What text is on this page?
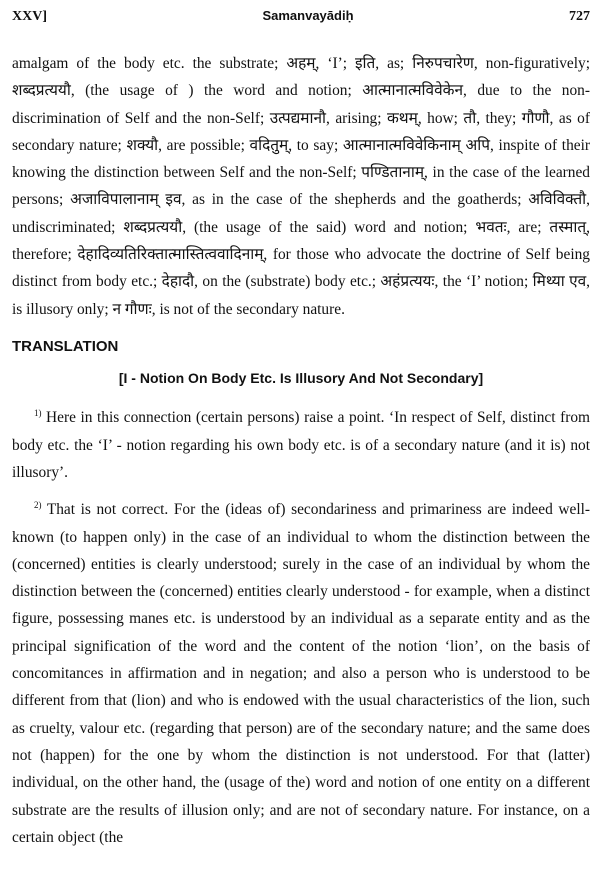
XXV]	Samanvayādiḥ	727

amalgam of the body etc. the substrate; अहम्, ‘I’; इति, as; निरुपचारेण, non-figuratively; शब्दप्रत्ययौ, (the usage of ) the word and notion; आत्मानात्मविवेकेन, due to the non-discrimination of Self and the non-Self; उत्पद्यमानौ, arising; कथम्, how; तौ, they; गौणौ, as of secondary nature; शक्यौ, are possible; वदितुम्, to say; आत्मानात्मविवेकिनाम् अपि, inspite of their knowing the distinction between Self and the non-Self; पण्डितानाम्, in the case of the learned persons; अजाविपालानाम् इव, as in the case of the shepherds and the goatherds; अविविक्तौ, undiscriminated; शब्दप्रत्ययौ, (the usage of the said) word and notion; भवतः, are; तस्मात्, therefore; देहादिव्यतिरिक्तात्मास्तित्ववादिनाम्, for those who advocate the doctrine of Self being distinct from body etc.; देहादौ, on the (substrate) body etc.; अहंप्रत्ययः, the ‘I’ notion; मिथ्या एव, is illusory only; न गौणः, is not of the secondary nature.

TRANSLATION
[I - Notion On Body Etc. Is Illusory And Not Secondary]

$^{1)}$ Here in this connection (certain persons) raise a point. ‘In respect of Self, distinct from body etc. the ‘I’ - notion regarding his own body etc. is of a secondary nature (and it is) not illusory’.

$^{2)}$ That is not correct. For the (ideas of) secondariness and primariness are indeed well-known (to happen only) in the case of an individual to whom the distinction between the (concerned) entities is clearly understood; surely in the case of an individual by whom the distinction between the (concerned) entities clearly understood - for example, when a distinct figure, possessing manes etc. is understood by an individual as a separate entity and as the principal signification of the word and the content of the notion ‘lion’, on the basis of concomitances in affirmation and in negation; and also a person who is understood to be different from that (lion) and who is endowed with the usual characteristics of the lion, such as cruelty, valour etc. (regarding that person) are of the secondary nature; and the same does not (happen) for the one by whom the distinction is not understood. For that (latter) individual, on the other hand, the (usage of the) word and notion of one entity on a different substrate are the results of illusion only; and are not of secondary nature. For instance, on a certain object (the
